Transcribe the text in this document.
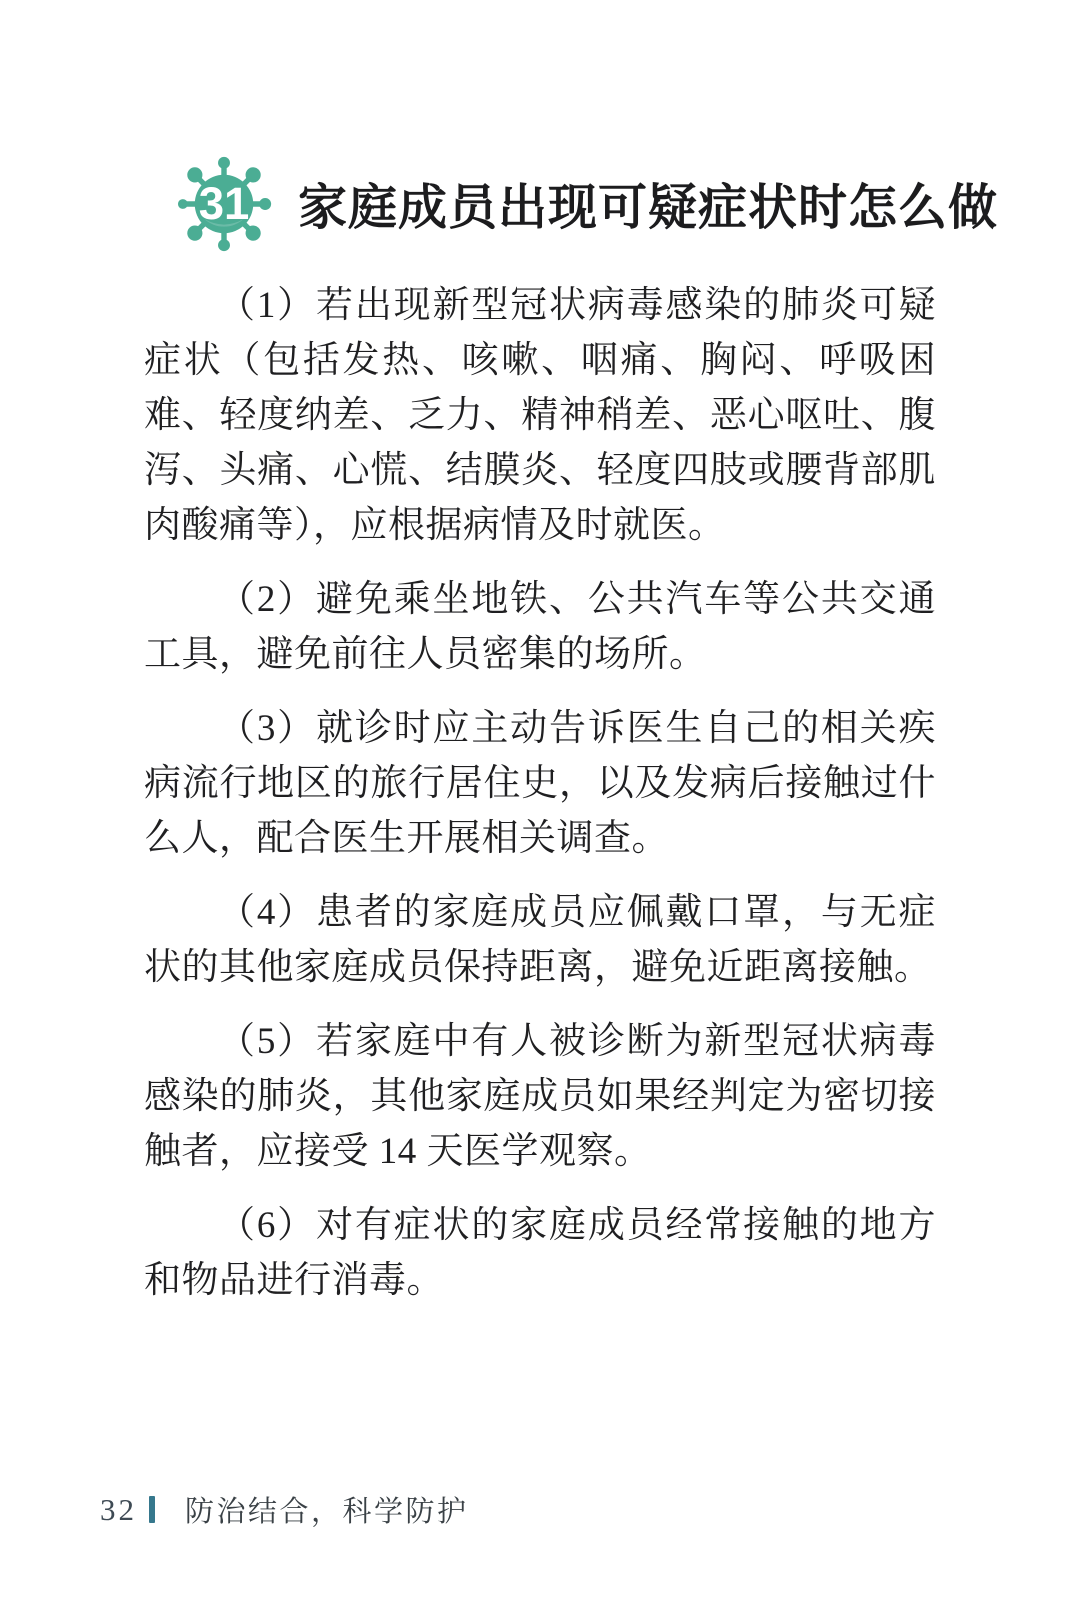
31 家庭成员出现可疑症状时怎么做

（1）若出现新型冠状病毒感染的肺炎可疑症状（包括发热、咳嗽、咽痛、胸闷、呼吸困难、轻度纳差、乏力、精神稍差、恶心呕吐、腹泻、头痛、心慌、结膜炎、轻度四肢或腰背部肌肉酸痛等），应根据病情及时就医。

（2）避免乘坐地铁、公共汽车等公共交通工具，避免前往人员密集的场所。

（3）就诊时应主动告诉医生自己的相关疾病流行地区的旅行居住史，以及发病后接触过什么人，配合医生开展相关调查。

（4）患者的家庭成员应佩戴口罩，与无症状的其他家庭成员保持距离，避免近距离接触。

（5）若家庭中有人被诊断为新型冠状病毒感染的肺炎，其他家庭成员如果经判定为密切接触者，应接受 14 天医学观察。

（6）对有症状的家庭成员经常接触的地方和物品进行消毒。

32 防治结合，科学防护
